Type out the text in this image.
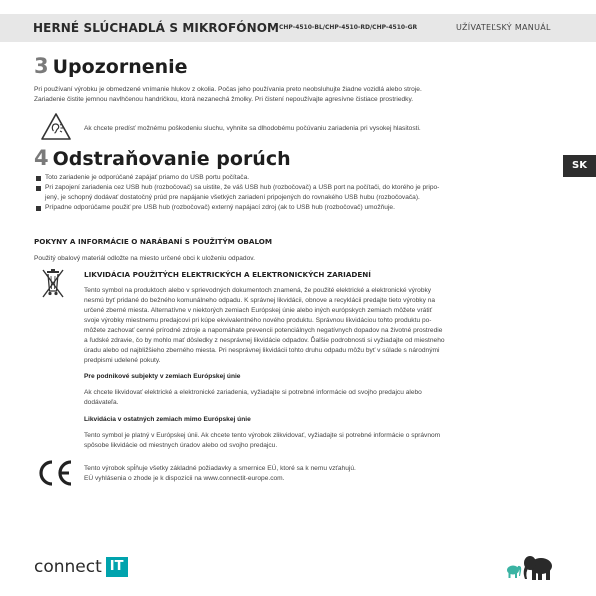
HERNÉ SLÚCHADLÁ S MIKROFÓNOM CHP-4510-BL/CHP-4510-RD/CHP-4510-GR	UŽÍVATEĽSKÝ MANUÁL
3 Upozornenie
Pri používaní výrobku je obmedzené vnímanie hlukov z okolia. Počas jeho používania preto neobsluhujte žiadne vozidlá alebo stroje.
Zariadenie čistite jemnou navlhčenou handričkou, ktorá nezanechá žmolky. Pri čistení nepoužívajte agresívne čistiace prostriedky.
Ak chcete predísť možnému poškodeniu sluchu, vyhnite sa dlhodobému počúvaniu zariadenia pri vysokej hlasitosti.
4 Odstraňovanie porúch	SK
Toto zariadenie je odporúčané zapájať priamo do USB portu počítača.
Pri zapojení zariadenia cez USB hub (rozbočovač) sa uistite, že váš USB hub (rozbočovač) a USB port na počítači, do ktorého je pripo-
jený, je schopný dodávať dostatočný prúd pre napájanie všetkých zariadení pripojených do rovnakého USB hubu (rozbočovača).
Prípadne odporúčame použiť pre USB hub (rozbočovač) externý napájací zdroj (ak to USB hub (rozbočovač) umožňuje.
POKYNY A INFORMÁCIE O NARÁBANÍ S POUŽITÝM OBALOM
Použitý obalový materiál odložte na miesto určené obci k uloženiu odpadov.
LIKVIDÁCIA POUŽITÝCH ELEKTRICKÝCH A ELEKTRONICKÝCH ZARIADENÍ
Tento symbol na produktoch alebo v sprievodných dokumentoch znamená, že použité elektrické a elektronické výrobky
nesmú byť pridané do bežného komunálneho odpadu. K správnej likvidácii, obnove a recyklácii predajte tieto výrobky na
určené zberné miesta. Alternatívne v niektorých zemiach Európskej únie alebo iných európskych zemiach môžete vrátiť
svoje výrobky miestnemu predajcovi pri kúpe ekvivalentného nového produktu. Správnou likvidáciou tohto produktu po-
môžete zachovať cenné prírodné zdroje a napomáhate prevencii potenciálnych negatívnych dopadov na životné prostredie
a ľudské zdravie, čo by mohlo mať dôsledky z nesprávnej likvidácie odpadov. Ďalšie podrobnosti si vyžiadajte od miestneho
úradu alebo od najbližšieho zberného miesta. Pri nesprávnej likvidácii tohto druhu odpadu môžu byť v súlade s národnými
predpismi udelené pokuty.
Pre podnikové subjekty v zemiach Európskej únie
Ak chcete likvidovať elektrické a elektronické zariadenia, vyžiadajte si potrebné informácie od svojho predajcu alebo
dodávateľa.
Likvidácia v ostatných zemiach mimo Európskej únie
Tento symbol je platný v Európskej únii. Ak chcete tento výrobok zlikvidovať, vyžiadajte si potrebné informácie o správnom
spôsobe likvidácie od miestnych úradov alebo od svojho predajcu.
Tento výrobok spĺňuje všetky základné požiadavky a smernice EÚ, ktoré sa k nemu vzťahujú.
EÚ vyhlásenia o zhode je k dispozícii na www.connectit-europe.com.
connect IT
